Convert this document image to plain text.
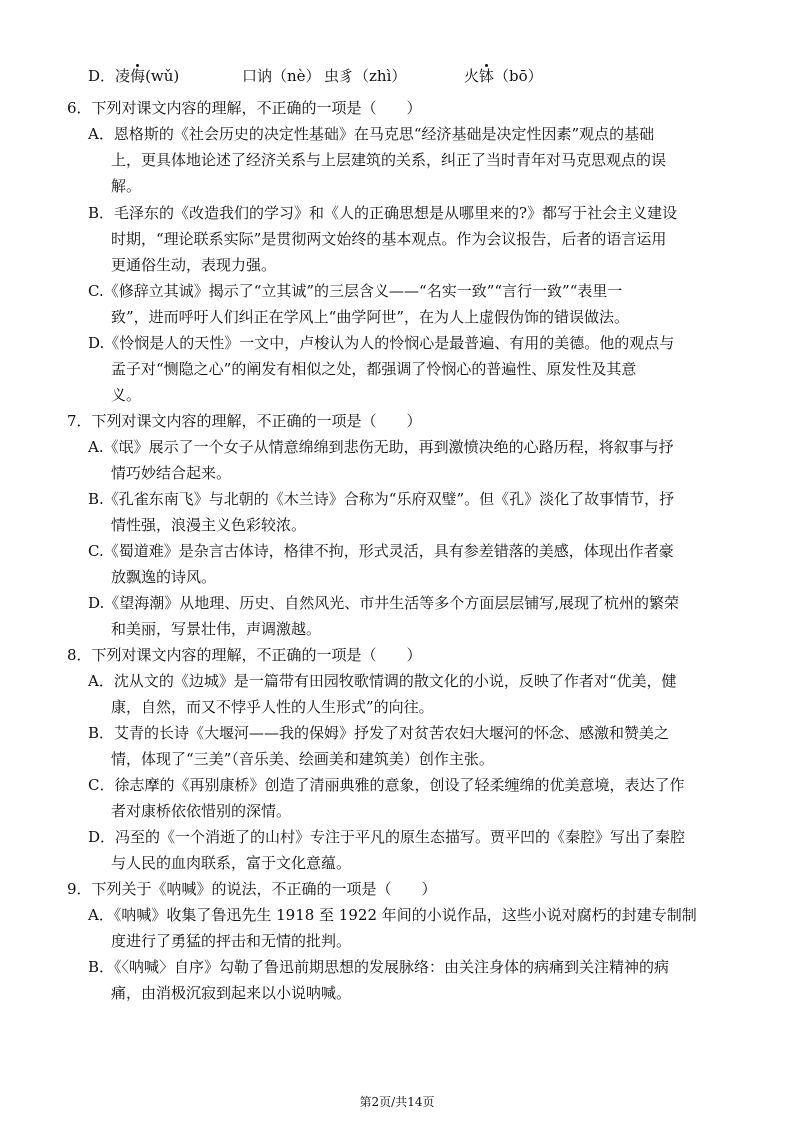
D．凌侮(wǔ)	口讷（nè） 虫豸（zhì）	火钵（bō）
6．下列对课文内容的理解，不正确的一项是（　　）
A．恩格斯的《社会历史的决定性基础》在马克思“经济基础是决定性因素”观点的基础
上，更具体地论述了经济关系与上层建筑的关系，纠正了当时青年对马克思观点的误
解。
B．毛泽东的《改造我们的学习》和《人的正确思想是从哪里来的?》都写于社会主义建设
时期，“理论联系实际”是贯彻两文始终的基本观点。作为会议报告，后者的语言运用
更通俗生动，表现力强。
C.《修辞立其诚》揭示了“立其诚”的三层含义——“名实一致”“言行一致”“表里一
致”，进而呼吁人们纠正在学风上“曲学阿世”，在为人上虚假伪饰的错误做法。
D.《怜悯是人的天性》一文中，卢梭认为人的怜悯心是最普遍、有用的美德。他的观点与
孟子对“恻隐之心”的阐发有相似之处，都强调了怜悯心的普遍性、原发性及其意
义。
7．下列对课文内容的理解，不正确的一项是（　　）
A.《氓》展示了一个女子从情意绵绵到悲伤无助，再到激愤决绝的心路历程，将叙事与抒
情巧妙结合起来。
B.《孔雀东南飞》与北朝的《木兰诗》合称为“乐府双璧”。但《孔》淡化了故事情节，抒
情性强，浪漫主义色彩较浓。
C.《蜀道难》是杂言古体诗，格律不拘，形式灵活，具有参差错落的美感，体现出作者豪
放飘逸的诗风。
D.《望海潮》从地理、历史、自然风光、市井生活等多个方面层层铺写,展现了杭州的繁荣
和美丽，写景壮伟，声调激越。
8．下列对课文内容的理解，不正确的一项是（　　）
A．沈从文的《边城》是一篇带有田园牧歌情调的散文化的小说，反映了作者对“优美，健
康，自然，而又不悖乎人性的人生形式”的向往。
B．艾青的长诗《大堰河——我的保姆》抒发了对贫苦农妇大堰河的怀念、感激和赞美之
情，体现了“三美”（音乐美、绘画美和建筑美）创作主张。
C．徐志摩的《再别康桥》创造了清丽典雅的意象，创设了轻柔缠绵的优美意境，表达了作
者对康桥依依惜别的深情。
D．冯至的《一个消逝了的山村》专注于平凡的原生态描写。贾平凹的《秦腔》写出了秦腔
与人民的血肉联系，富于文化意蕴。
9．下列关于《呐喊》的说法，不正确的一项是（　　）
A．《呐喊》收集了鲁迅先生 1918 至 1922 年间的小说作品，这些小说对腐朽的封建专制制
度进行了勇猛的抨击和无情的批判。
B．《〈呐喊〉自序》勾勒了鲁迅前期思想的发展脉络：由关注身体的病痛到关注精神的病
痛，由消极沉寂到起来以小说呐喊。
第2页/共14页
